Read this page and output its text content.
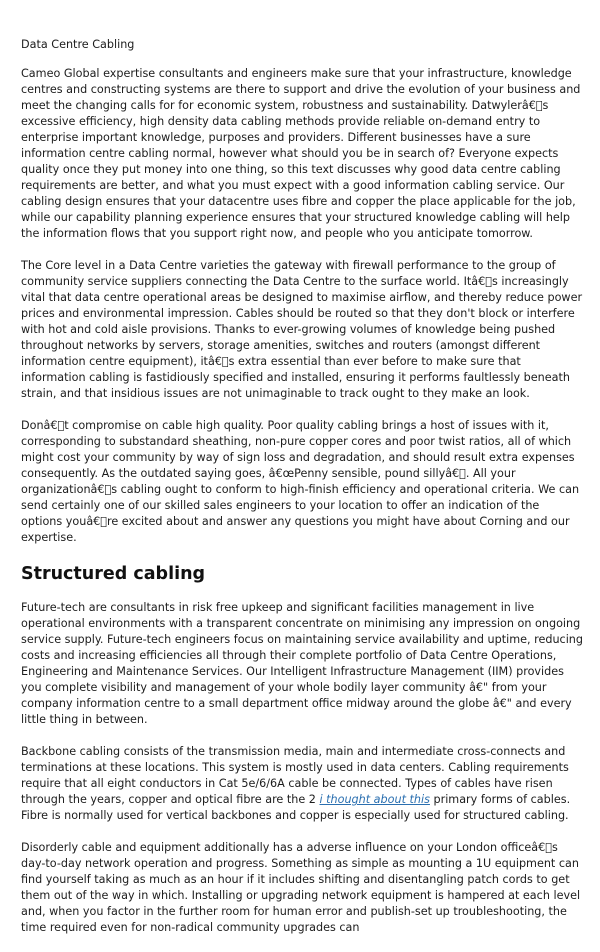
Data Centre Cabling

Cameo Global expertise consultants and engineers make sure that your infrastructure, knowledge centres and constructing systems are there to support and drive the evolution of your business and meet the changing calls for for economic system, robustness and sustainability. Datwylerâ€ s excessive efficiency, high density data cabling methods provide reliable on-demand entry to enterprise important knowledge, purposes and providers. Different businesses have a sure information centre cabling normal, however what should you be in search of? Everyone expects quality once they put money into one thing, so this text discusses why good data centre cabling requirements are better, and what you must expect with a good information cabling service. Our cabling design ensures that your datacentre uses fibre and copper the place applicable for the job, while our capability planning experience ensures that your structured knowledge cabling will help the information flows that you support right now, and people who you anticipate tomorrow.

The Core level in a Data Centre varieties the gateway with firewall performance to the group of community service suppliers connecting the Data Centre to the surface world. Itâ€ s increasingly vital that data centre operational areas be designed to maximise airflow, and thereby reduce power prices and environmental impression. Cables should be routed so that they don't block or interfere with hot and cold aisle provisions. Thanks to ever-growing volumes of knowledge being pushed throughout networks by servers, storage amenities, switches and routers (amongst different information centre equipment), itâ€ s extra essential than ever before to make sure that information cabling is fastidiously specified and installed, ensuring it performs faultlessly beneath strain, and that insidious issues are not unimaginable to track ought to they make an look.

Donâ€ t compromise on cable high quality. Poor quality cabling brings a host of issues with it, corresponding to substandard sheathing, non-pure copper cores and poor twist ratios, all of which might cost your community by way of sign loss and degradation, and should result extra expenses consequently. As the outdated saying goes, â€œPenny sensible, pound sillyâ€ . All your organizationâ€ s cabling ought to conform to high-finish efficiency and operational criteria. We can send certainly one of our skilled sales engineers to your location to offer an indication of the options youâ€ re excited about and answer any questions you might have about Corning and our expertise.

Structured cabling

Future-tech are consultants in risk free upkeep and significant facilities management in live operational environments with a transparent concentrate on minimising any impression on ongoing service supply. Future-tech engineers focus on maintaining service availability and uptime, reducing costs and increasing efficiencies all through their complete portfolio of Data Centre Operations, Engineering and Maintenance Services. Our Intelligent Infrastructure Management (IIM) provides you complete visibility and management of your whole bodily layer community â€" from your company information centre to a small department office midway around the globe â€" and every little thing in between.

Backbone cabling consists of the transmission media, main and intermediate cross-connects and terminations at these locations. This system is mostly used in data centers. Cabling requirements require that all eight conductors in Cat 5e/6/6A cable be connected. Types of cables have risen through the years, copper and optical fibre are the 2 i thought about this primary forms of cables. Fibre is normally used for vertical backbones and copper is especially used for structured cabling.

Disorderly cable and equipment additionally has a adverse influence on your London officeâ€ s day-to-day network operation and progress. Something as simple as mounting a 1U equipment can find yourself taking as much as an hour if it includes shifting and disentangling patch cords to get them out of the way in which. Installing or upgrading network equipment is hampered at each level and, when you factor in the further room for human error and publish-set up troubleshooting, the time required even for non-radical community upgrades can
